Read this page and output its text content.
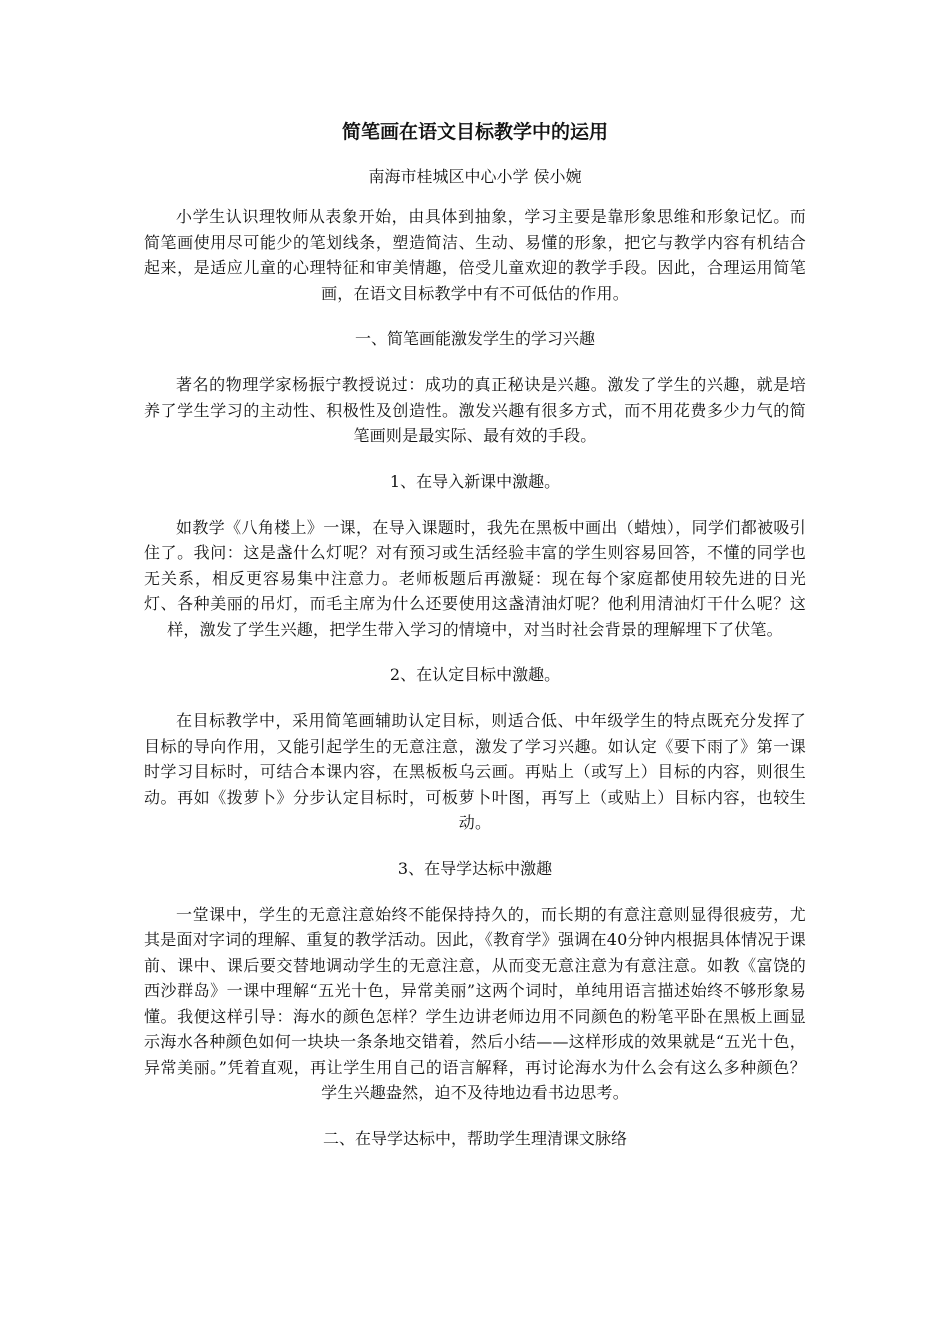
简笔画在语文目标教学中的运用
南海市桂城区中心小学 侯小婉

小学生认识理牧师从表象开始，由具体到抽象，学习主要是靠形象思维和形象记忆。而简笔画使用尽可能少的笔划线条，塑造简洁、生动、易懂的形象，把它与教学内容有机结合起来，是适应儿童的心理特征和审美情趣，倍受儿童欢迎的教学手段。因此，合理运用简笔画，在语文目标教学中有不可低估的作用。

一、简笔画能激发学生的学习兴趣

著名的物理学家杨振宁教授说过：成功的真正秘诀是兴趣。激发了学生的兴趣，就是培养了学生学习的主动性、积极性及创造性。激发兴趣有很多方式，而不用花费多少力气的简笔画则是最实际、最有效的手段。

1、在导入新课中激趣。

如教学《八角楼上》一课，在导入课题时，我先在黑板中画出（蜡烛），同学们都被吸引住了。我问：这是盏什么灯呢？对有预习或生活经验丰富的学生则容易回答，不懂的同学也无关系，相反更容易集中注意力。老师板题后再激疑：现在每个家庭都使用较先进的日光灯、各种美丽的吊灯，而毛主席为什么还要使用这盏清油灯呢？他利用清油灯干什么呢？这样，激发了学生兴趣，把学生带入学习的情境中，对当时社会背景的理解埋下了伏笔。

2、在认定目标中激趣。

在目标教学中，采用简笔画辅助认定目标，则适合低、中年级学生的特点既充分发挥了目标的导向作用，又能引起学生的无意注意，激发了学习兴趣。如认定《要下雨了》第一课时学习目标时，可结合本课内容，在黑板板乌云画。再贴上（或写上）目标的内容，则很生动。再如《拨萝卜》分步认定目标时，可板萝卜叶图，再写上（或贴上）目标内容，也较生动。

3、在导学达标中激趣

一堂课中，学生的无意注意始终不能保持持久的，而长期的有意注意则显得很疲劳，尤其是面对字词的理解、重复的教学活动。因此，《教育学》强调在40分钟内根据具体情况于课前、课中、课后要交替地调动学生的无意注意，从而变无意注意为有意注意。如教《富饶的西沙群岛》一课中理解“五光十色，异常美丽”这两个词时，单纯用语言描述始终不够形象易懂。我便这样引导：海水的颜色怎样？学生边讲老师边用不同颜色的粉笔平卧在黑板上画显示海水各种颜色如何一块块一条条地交错着，然后小结——这样形成的效果就是“五光十色，异常美丽。”凭着直观，再让学生用自己的语言解释，再讨论海水为什么会有这么多种颜色？学生兴趣盎然，迫不及待地边看书边思考。

二、在导学达标中，帮助学生理清课文脉络
